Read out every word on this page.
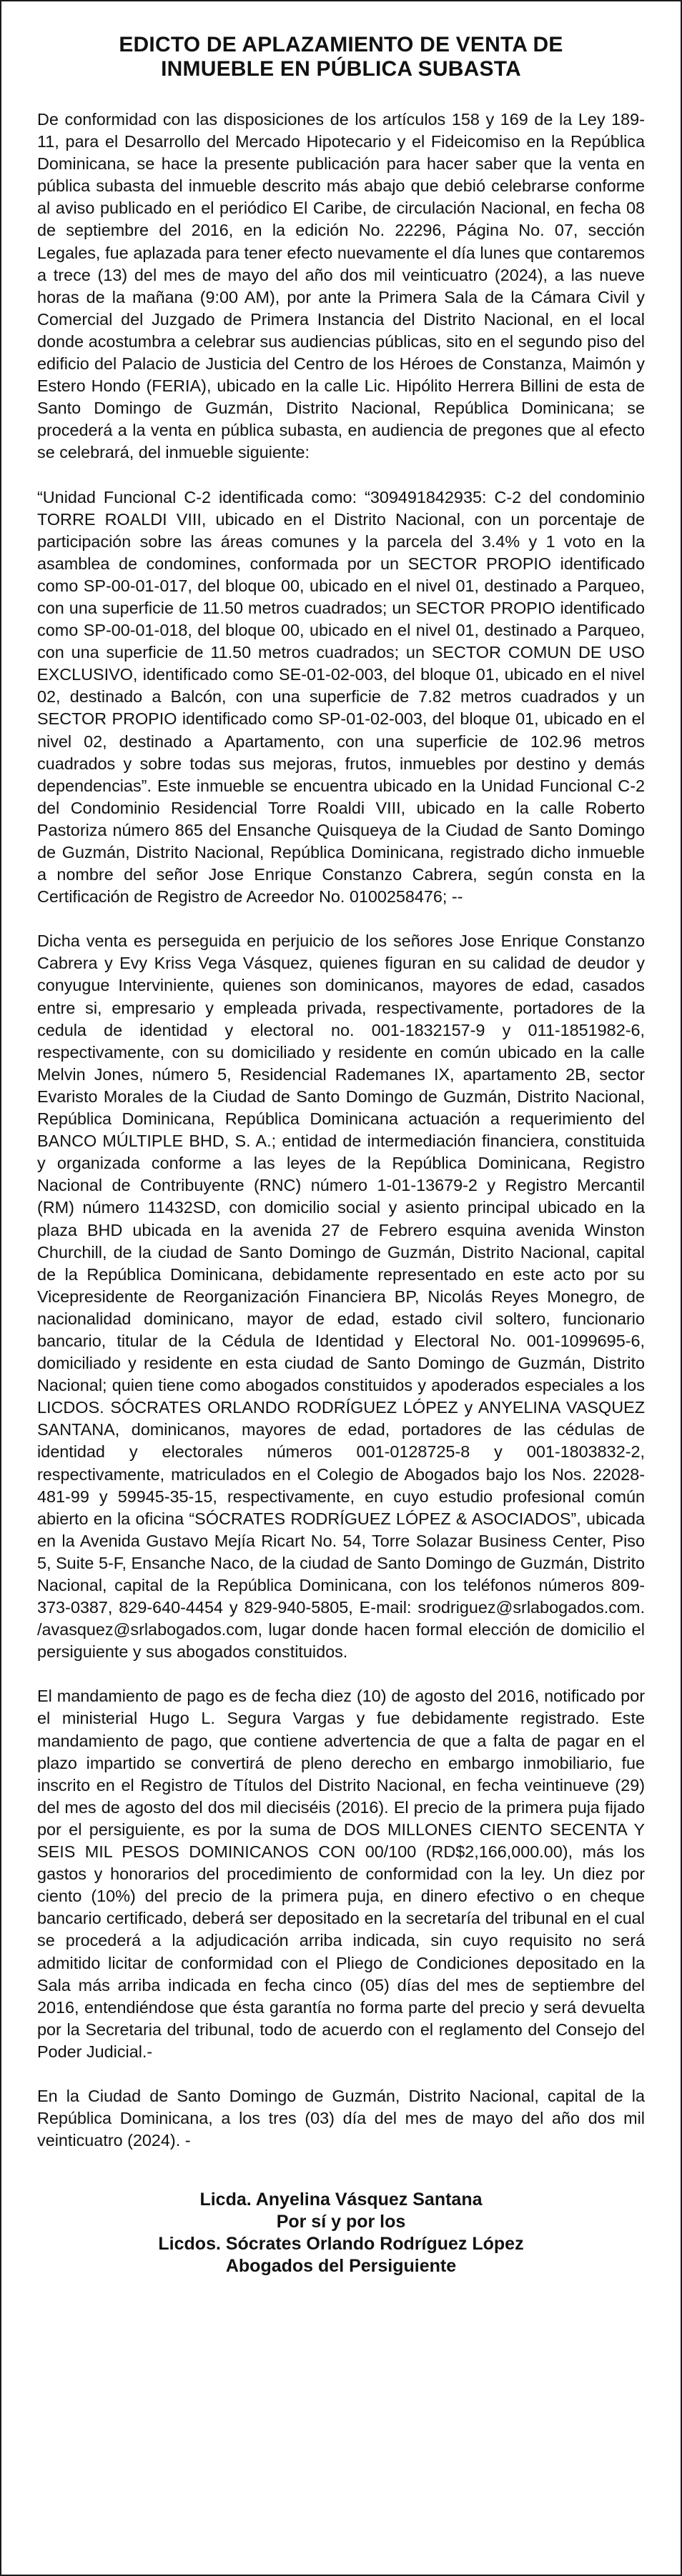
EDICTO DE APLAZAMIENTO DE VENTA DE
INMUEBLE EN PÚBLICA SUBASTA

De conformidad con las disposiciones de los artículos 158 y 169 de la Ley 189-11, para el Desarrollo del Mercado Hipotecario y el Fideicomiso en la República Dominicana, se hace la presente publicación para hacer saber que la venta en pública subasta del inmueble descrito más abajo que debió celebrarse conforme al aviso publicado en el periódico El Caribe, de circulación Nacional, en fecha 08 de septiembre del 2016, en la edición No. 22296, Página No. 07, sección Legales, fue aplazada para tener efecto nuevamente el día lunes que contaremos a trece (13) del mes de mayo del año dos mil veinticuatro (2024), a las nueve horas de la mañana (9:00 AM), por ante la Primera Sala de la Cámara Civil y Comercial del Juzgado de Primera Instancia del Distrito Nacional, en el local donde acostumbra a celebrar sus audiencias públicas, sito en el segundo piso del edificio del Palacio de Justicia del Centro de los Héroes de Constanza, Maimón y Estero Hondo (FERIA), ubicado en la calle Lic. Hipólito Herrera Billini de esta de Santo Domingo de Guzmán, Distrito Nacional, República Dominicana; se procederá a la venta en pública subasta, en audiencia de pregones que al efecto se celebrará, del inmueble siguiente:

“Unidad Funcional C-2 identificada como: “309491842935: C-2 del condominio TORRE ROALDI VIII, ubicado en el Distrito Nacional, con un porcentaje de participación sobre las áreas comunes y la parcela del 3.4% y 1 voto en la asamblea de condomines, conformada por un SECTOR PROPIO identificado como SP-00-01-017, del bloque 00, ubicado en el nivel 01, destinado a Parqueo, con una superficie de 11.50 metros cuadrados; un SECTOR PROPIO identificado como SP-00-01-018, del bloque 00, ubicado en el nivel 01, destinado a Parqueo, con una superficie de 11.50 metros cuadrados; un SECTOR COMUN DE USO EXCLUSIVO, identificado como SE-01-02-003, del bloque 01, ubicado en el nivel 02, destinado a Balcón, con una superficie de 7.82 metros cuadrados y un SECTOR PROPIO identificado como SP-01-02-003, del bloque 01, ubicado en el nivel 02, destinado a Apartamento, con una superficie de 102.96 metros cuadrados y sobre todas sus mejoras, frutos, inmuebles por destino y demás dependencias”. Este inmueble se encuentra ubicado en la Unidad Funcional C-2 del Condominio Residencial Torre Roaldi VIII, ubicado en la calle Roberto Pastoriza número 865 del Ensanche Quisqueya de la Ciudad de Santo Domingo de Guzmán, Distrito Nacional, República Dominicana, registrado dicho inmueble a nombre del señor Jose Enrique Constanzo Cabrera, según consta en la Certificación de Registro de Acreedor No. 0100258476; --

Dicha venta es perseguida en perjuicio de los señores Jose Enrique Constanzo Cabrera y Evy Kriss Vega Vásquez, quienes figuran en su calidad de deudor y conyugue Interviniente, quienes son dominicanos, mayores de edad, casados entre si, empresario y empleada privada, respectivamente, portadores de la cedula de identidad y electoral no. 001-1832157-9 y 011-1851982-6, respectivamente, con su domiciliado y residente en común ubicado en la calle Melvin Jones, número 5, Residencial Rademanes IX, apartamento 2B, sector Evaristo Morales de la Ciudad de Santo Domingo de Guzmán, Distrito Nacional, República Dominicana, República Dominicana actuación a requerimiento del BANCO MÚLTIPLE BHD, S. A.; entidad de intermediación financiera, constituida y organizada conforme a las leyes de la República Dominicana, Registro Nacional de Contribuyente (RNC) número 1-01-13679-2 y Registro Mercantil (RM) número 11432SD, con domicilio social y asiento principal ubicado en la plaza BHD ubicada en la avenida 27 de Febrero esquina avenida Winston Churchill, de la ciudad de Santo Domingo de Guzmán, Distrito Nacional, capital de la República Dominicana, debidamente representado en este acto por su Vicepresidente de Reorganización Financiera BP, Nicolás Reyes Monegro, de nacionalidad dominicano, mayor de edad, estado civil soltero, funcionario bancario, titular de la Cédula de Identidad y Electoral No. 001-1099695-6, domiciliado y residente en esta ciudad de Santo Domingo de Guzmán, Distrito Nacional; quien tiene como abogados constituidos y apoderados especiales a los LICDOS. SÓCRATES ORLANDO RODRÍGUEZ LÓPEZ y ANYELINA VASQUEZ SANTANA, dominicanos, mayores de edad, portadores de las cédulas de identidad y electorales números 001-0128725-8 y 001-1803832-2, respectivamente, matriculados en el Colegio de Abogados bajo los Nos. 22028-481-99 y 59945-35-15, respectivamente, en cuyo estudio profesional común abierto en la oficina “SÓCRATES RODRÍGUEZ LÓPEZ & ASOCIADOS”, ubicada en la Avenida Gustavo Mejía Ricart No. 54, Torre Solazar Business Center, Piso 5, Suite 5-F, Ensanche Naco, de la ciudad de Santo Domingo de Guzmán, Distrito Nacional, capital de la República Dominicana, con los teléfonos números 809-373-0387, 829-640-4454 y 829-940-5805, E-mail: srodriguez@srlabogados.com. /avasquez@srlabogados.com, lugar donde hacen formal elección de domicilio el persiguiente y sus abogados constituidos.

El mandamiento de pago es de fecha diez (10) de agosto del 2016, notificado por el ministerial Hugo L. Segura Vargas y fue debidamente registrado. Este mandamiento de pago, que contiene advertencia de que a falta de pagar en el plazo impartido se convertirá de pleno derecho en embargo inmobiliario, fue inscrito en el Registro de Títulos del Distrito Nacional, en fecha veintinueve (29) del mes de agosto del dos mil dieciséis (2016). El precio de la primera puja fijado por el persiguiente, es por la suma de DOS MILLONES CIENTO SECENTA Y SEIS MIL PESOS DOMINICANOS CON 00/100 (RD$2,166,000.00), más los gastos y honorarios del procedimiento de conformidad con la ley. Un diez por ciento (10%) del precio de la primera puja, en dinero efectivo o en cheque bancario certificado, deberá ser depositado en la secretaría del tribunal en el cual se procederá a la adjudicación arriba indicada, sin cuyo requisito no será admitido licitar de conformidad con el Pliego de Condiciones depositado en la Sala más arriba indicada en fecha cinco (05) días del mes de septiembre del 2016, entendiéndose que ésta garantía no forma parte del precio y será devuelta por la Secretaria del tribunal, todo de acuerdo con el reglamento del Consejo del Poder Judicial.-

En la Ciudad de Santo Domingo de Guzmán, Distrito Nacional, capital de la República Dominicana, a los tres (03) día del mes de mayo del año dos mil veinticuatro (2024). -

Licda. Anyelina Vásquez Santana
Por sí y por los
Licdos. Sócrates Orlando Rodríguez López
Abogados del Persiguiente
